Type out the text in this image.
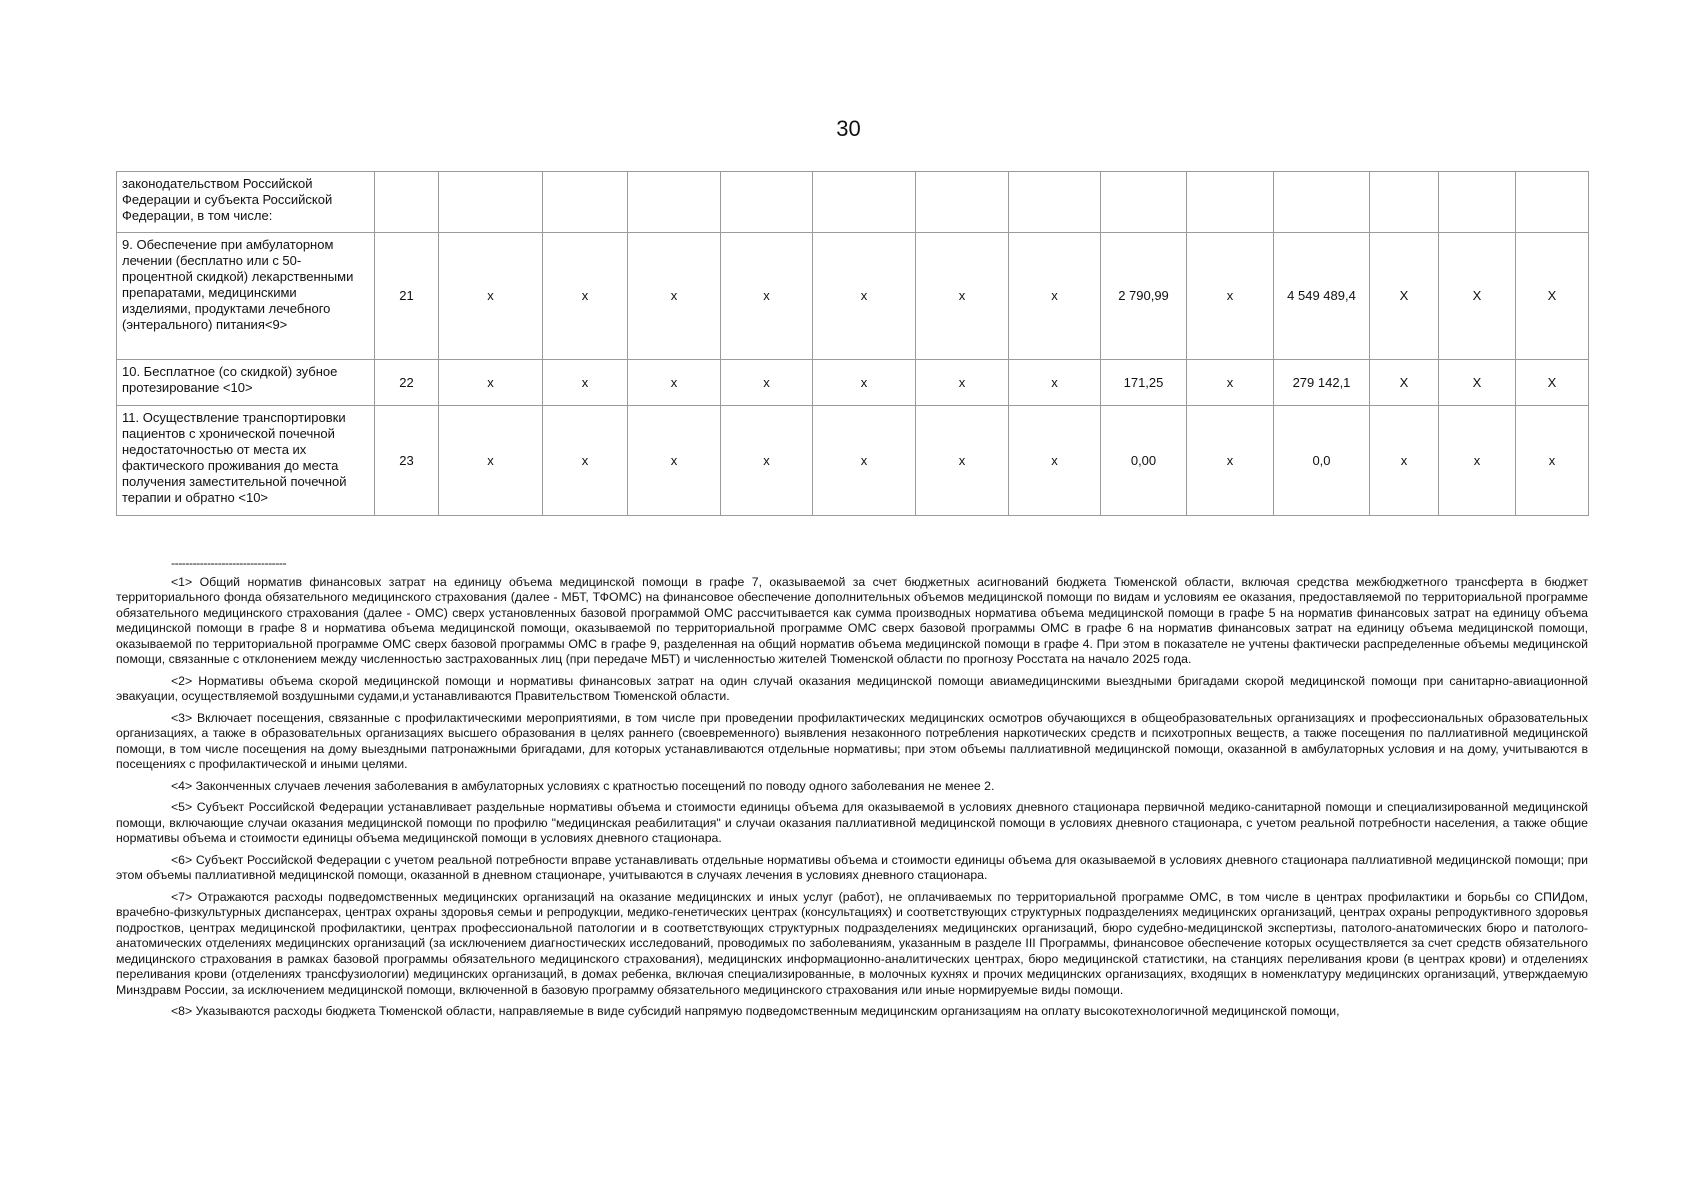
30
законодательством Российской Федерации и субъекта Российской Федерации, в том числе:														
9. Обеспечение при амбулаторном лечении (бесплатно или с 50-процентной скидкой) лекарственными препаратами, медицинскими изделиями, продуктами лечебного (энтерального) питания<9>	21	x	x	x	x	x	x	x	2 790,99	x	4 549 489,4	X	X	X
10. Бесплатное (со скидкой) зубное протезирование <10>	22	x	x	x	x	x	x	x	171,25	x	279 142,1	X	X	X
11. Осуществление транспортировки пациентов с хронической почечной недостаточностью от места их фактического проживания до места получения заместительной почечной терапии и обратно <10>	23	x	x	x	x	x	x	x	0,00	x	0,0	x	x	x
--------------------------------

<1> Общий норматив финансовых затрат на единицу объема медицинской помощи в графе 7, оказываемой за счет бюджетных асигнований бюджета Тюменской области, включая средства межбюджетного трансферта в бюджет территориального фонда обязательного медицинского страхования (далее - МБТ, ТФОМС) на финансовое обеспечение дополнительных объемов медицинской помощи по видам и условиям ее оказания, предоставляемой по территориальной программе обязательного медицинского страхования (далее - ОМС) сверх установленных базовой программой ОМС рассчитывается как сумма производных норматива объема медицинской помощи в графе 5 на норматив финансовых затрат на единицу объема медицинской помощи в графе 8 и норматива объема медицинской помощи, оказываемой по территориальной программе ОМС сверх базовой программы ОМС в графе 6 на норматив финансовых затрат на единицу объема медицинской помощи, оказываемой по территориальной программе ОМС сверх базовой программы ОМС в графе 9, разделенная на общий норматив объема медицинской помощи в графе 4. При этом в показателе не учтены фактически распределенные объемы медицинской помощи, связанные с отклонением между численностью застрахованных лиц (при передаче МБТ) и численностью жителей Тюменской области по прогнозу Росстата на начало 2025 года.

<2> Нормативы объема скорой медицинской помощи и нормативы финансовых затрат на один случай оказания медицинской помощи авиамедицинскими выездными бригадами скорой медицинской помощи при санитарно-авиационной эвакуации, осуществляемой воздушными судами,и устанавливаются Правительством Тюменской области.

<3> Включает посещения, связанные с профилактическими мероприятиями, в том числе при проведении профилактических медицинских осмотров обучающихся в общеобразовательных организациях и профессиональных образовательных организациях, а также в образовательных организациях высшего образования в целях раннего (своевременного) выявления незаконного потребления наркотических средств и психотропных веществ, а также посещения по паллиативной медицинской помощи, в том числе посещения на дому выездными патронажными бригадами, для которых устанавливаются отдельные нормативы; при этом объемы паллиативной медицинской помощи, оказанной в амбулаторных условия и на дому, учитываются в посещениях с профилактической и иными целями.

<4> Законченных случаев лечения заболевания в амбулаторных условиях с кратностью посещений по поводу одного заболевания не менее 2.

<5> Субъект Российской Федерации устанавливает раздельные нормативы объема и стоимости единицы объема для оказываемой в условиях дневного стационара первичной медико-санитарной помощи и специализированной медицинской помощи, включающие случаи оказания медицинской помощи по профилю "медицинская реабилитация" и случаи оказания паллиативной медицинской помощи в условиях дневного стационара, с учетом реальной потребности населения, а также общие нормативы объема и стоимости единицы объема медицинской помощи в условиях дневного стационара.

<6> Субъект Российской Федерации с учетом реальной потребности вправе устанавливать отдельные нормативы объема и стоимости единицы объема для оказываемой в условиях дневного стационара паллиативной медицинской помощи; при этом объемы паллиативной медицинской помощи, оказанной в дневном стационаре, учитываются в случаях лечения в условиях дневного стационара.

<7> Отражаются расходы подведомственных медицинских организаций на оказание медицинских и иных услуг (работ), не оплачиваемых по территориальной программе ОМС, в том числе в центрах профилактики и борьбы со СПИДом, врачебно-физкультурных диспансерах, центрах охраны здоровья семьи и репродукции, медико-генетических центрах (консультациях) и соответствующих структурных подразделениях медицинских организаций, центрах охраны репродуктивного здоровья подростков, центрах медицинской профилактики, центрах профессиональной патологии и в соответствующих структурных подразделениях медицинских организаций, бюро судебно-медицинской экспертизы, патолого-анатомических бюро и патолого-анатомических отделениях медицинских организаций (за исключением диагностических исследований, проводимых по заболеваниям, указанным в разделе III Программы, финансовое обеспечение которых осуществляется за счет средств обязательного медицинского страхования в рамках базовой программы обязательного медицинского страхования), медицинских информационно-аналитических центрах, бюро медицинской статистики, на станциях переливания крови (в центрах крови) и отделениях переливания крови (отделениях трансфузиологии) медицинских организаций, в домах ребенка, включая специализированные, в молочных кухнях и прочих медицинских организациях, входящих в номенклатуру медицинских организаций, утверждаемую Минздравм России, за исключением медицинской помощи, включенной в базовую программу обязательного медицинского страхования или иные нормируемые виды помощи.

<8> Указываются расходы бюджета Тюменской области, направляемые в виде субсидий напрямую подведомственным медицинским организациям на оплату высокотехнологичной медицинской помощи,
